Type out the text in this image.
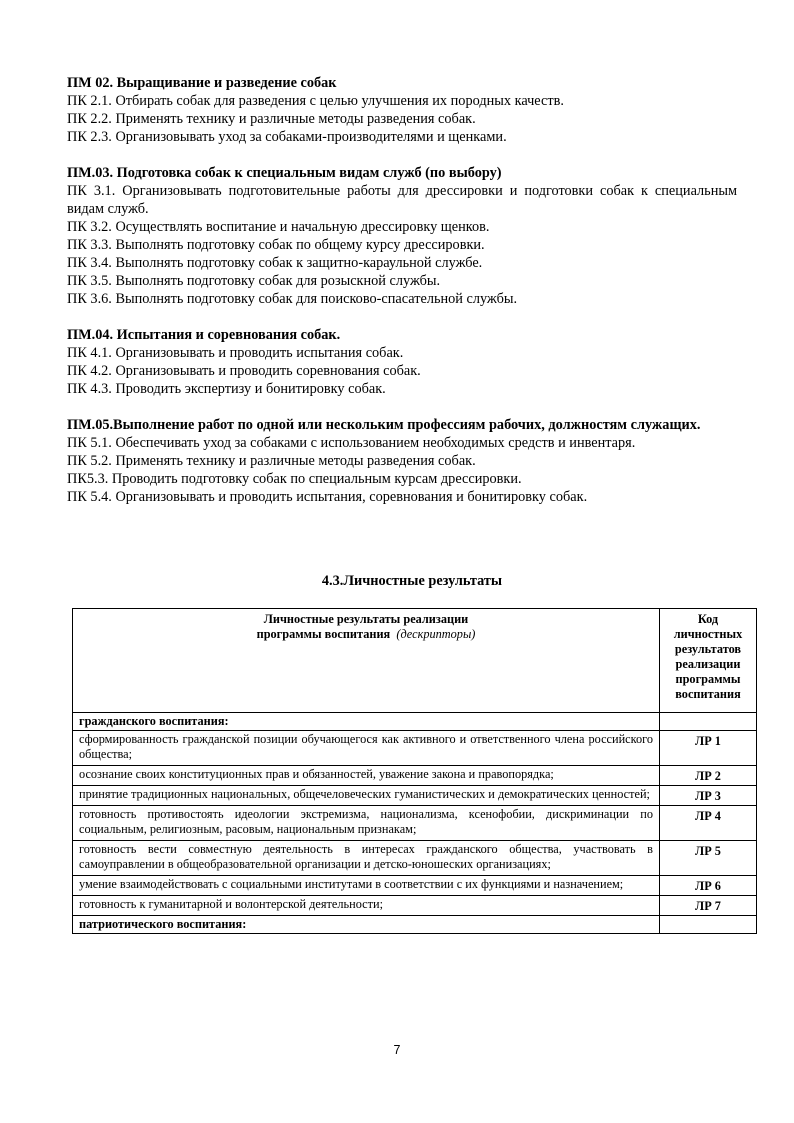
ПМ 02. Выращивание и разведение собак
ПК 2.1. Отбирать собак для разведения с целью улучшения их породных качеств.
ПК 2.2. Применять технику и различные методы разведения собак.
ПК 2.3. Организовывать уход за собаками-производителями и щенками.
ПМ.03. Подготовка собак к специальным видам служб (по выбору)
ПК 3.1. Организовывать подготовительные работы для дрессировки и подготовки собак к специальным видам служб.
ПК 3.2. Осуществлять воспитание и начальную дрессировку щенков.
ПК 3.3. Выполнять подготовку собак по общему курсу дрессировки.
ПК 3.4. Выполнять подготовку собак к защитно-караульной службе.
ПК 3.5. Выполнять подготовку собак для розыскной службы.
ПК 3.6. Выполнять подготовку собак для поисково-спасательной службы.
ПМ.04. Испытания и соревнования собак.
ПК 4.1. Организовывать и проводить испытания собак.
ПК 4.2. Организовывать и проводить соревнования собак.
ПК 4.3. Проводить экспертизу и бонитировку собак.
ПМ.05.Выполнение работ по одной или нескольким профессиям рабочих, должностям служащих.
ПК 5.1. Обеспечивать уход за собаками с использованием необходимых средств и инвентаря.
ПК 5.2. Применять технику и различные методы разведения собак.
ПК5.3. Проводить подготовку собак по специальным курсам дрессировки.
ПК 5.4. Организовывать и проводить испытания, соревнования и бонитировку собак.
4.3.Личностные результаты
Личностные результаты реализации
программы воспитания (дескрипторы)	Код личностных результатов реализации программы воспитания
гражданского воспитания:	
сформированность гражданской позиции обучающегося как активного и ответственного члена российского общества;	ЛР 1
осознание своих конституционных прав и обязанностей, уважение закона и правопорядка;	ЛР 2
принятие традиционных национальных, общечеловеческих гуманистических и демократических ценностей;	ЛР 3
готовность противостоять идеологии экстремизма, национализма, ксенофобии, дискриминации по социальным, религиозным, расовым, национальным признакам;	ЛР 4
готовность вести совместную деятельность в интересах гражданского общества, участвовать в самоуправлении в общеобразовательной организации и детско-юношеских организациях;	ЛР 5
умение взаимодействовать с социальными институтами в соответствии с их функциями и назначением;	ЛР 6
готовность к гуманитарной и волонтерской деятельности;	ЛР 7
патриотического воспитания:	
7
